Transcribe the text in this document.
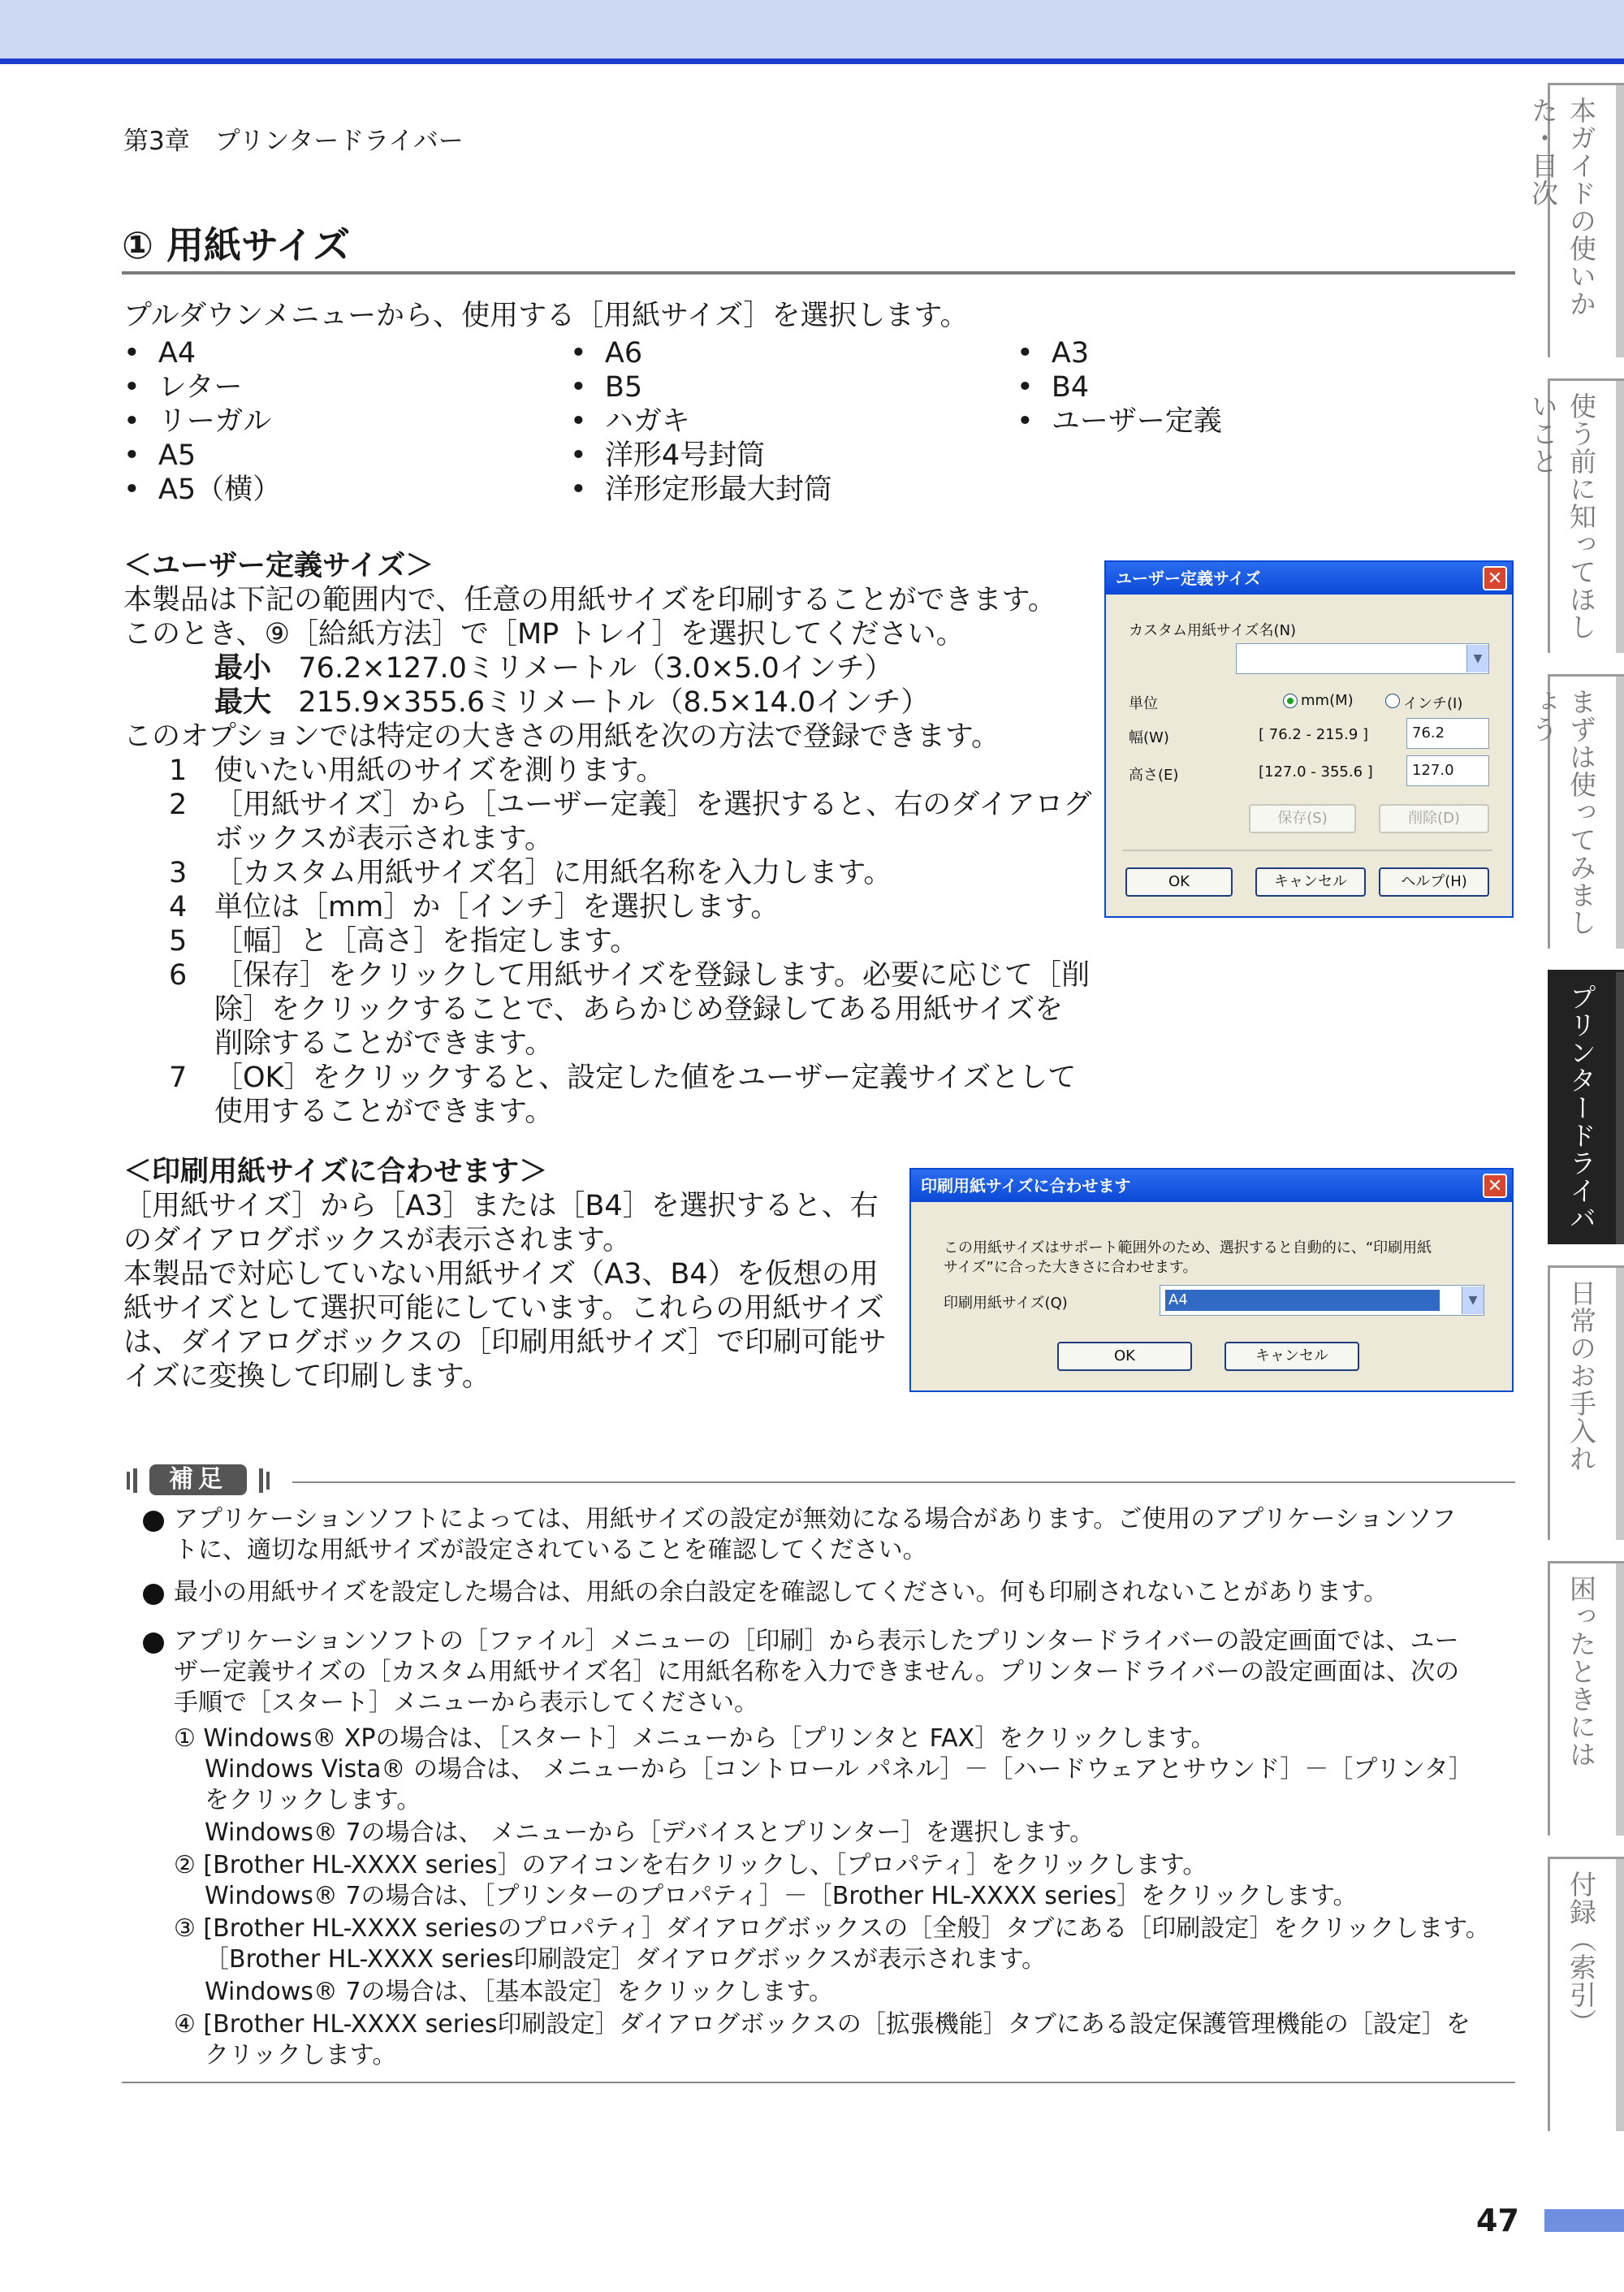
第3章　プリンタードライバー
① 用紙サイズ
プルダウンメニューから、使用する［用紙サイズ］を選択します。
•  A4
•  レター
•  リーガル
•  A5
•  A5（横）
•  A6
•  B5
•  ハガキ
•  洋形4号封筒
•  洋形定形最大封筒
•  A3
•  B4
•  ユーザー定義
＜ユーザー定義サイズ＞
本製品は下記の範囲内で、任意の用紙サイズを印刷することができます。
このとき、⑨［給紙方法］で［MP トレイ］を選択してください。
最小 76.2×127.0ミリメートル（3.0×5.0インチ）
最大 215.9×355.6ミリメートル（8.5×14.0インチ）
このオプションでは特定の大きさの用紙を次の方法で登録できます。
1 使いたい用紙のサイズを測ります。
2 ［用紙サイズ］から［ユーザー定義］を選択すると、右のダイアログ
ボックスが表示されます。
3 ［カスタム用紙サイズ名］に用紙名称を入力します。
4 単位は［mm］か［インチ］を選択します。
5 ［幅］と［高さ］を指定します。
6 ［保存］をクリックして用紙サイズを登録します。必要に応じて［削
除］をクリックすることで、あらかじめ登録してある用紙サイズを
削除することができます。
7 ［OK］をクリックすると、設定した値をユーザー定義サイズとして
使用することができます。
ユーザー定義サイズ	✕
カスタム用紙サイズ名(N)
▼
単位	mm(M)	インチ(I)
幅(W)	[ 76.2 - 215.9 ]	76.2
高さ(E)	[127.0 - 355.6 ]	127.0
保存(S)	削除(D)
OK	キャンセル	ヘルプ(H)
＜印刷用紙サイズに合わせます＞
［用紙サイズ］から［A3］または［B4］を選択すると、右
のダイアログボックスが表示されます。
本製品で対応していない用紙サイズ（A3、B4）を仮想の用
紙サイズとして選択可能にしています。これらの用紙サイズ
は、ダイアログボックスの［印刷用紙サイズ］で印刷可能サ
イズに変換して印刷します。
印刷用紙サイズに合わせます	✕
この用紙サイズはサポート範囲外のため、選択すると自動的に、“印刷用紙
サイズ”に合った大きさに合わせます。
印刷用紙サイズ(Q)	A4	▼
OK	キャンセル
補足
アプリケーションソフトによっては、用紙サイズの設定が無効になる場合があります。ご使用のアプリケーションソフ
トに、適切な用紙サイズが設定されていることを確認してください。
最小の用紙サイズを設定した場合は、用紙の余白設定を確認してください。何も印刷されないことがあります。
アプリケーションソフトの［ファイル］メニューの［印刷］から表示したプリンタードライバーの設定画面では、ユー
ザー定義サイズの［カスタム用紙サイズ名］に用紙名称を入力できません。プリンタードライバーの設定画面は、次の
手順で［スタート］メニューから表示してください。
① Windows® XPの場合は、［スタート］メニューから［プリンタと FAX］をクリックします。
Windows Vista® の場合は、 メニューから［コントロール パネル］－［ハードウェアとサウンド］－［プリンタ］
をクリックします。
Windows® 7の場合は、 メニューから［デバイスとプリンター］を選択します。
② [Brother HL-XXXX series］のアイコンを右クリックし、［プロパティ］をクリックします。
Windows® 7の場合は、［プリンターのプロパティ］－［Brother HL-XXXX series］をクリックします。
③ [Brother HL-XXXX seriesのプロパティ］ダイアログボックスの［全般］タブにある［印刷設定］をクリックします。
［Brother HL-XXXX series印刷設定］ダイアログボックスが表示されます。
Windows® 7の場合は、［基本設定］をクリックします。
④ [Brother HL-XXXX series印刷設定］ダイアログボックスの［拡張機能］タブにある設定保護管理機能の［設定］を
クリックします。
本ガイドの使いかた・目次
使う前に知ってほしいこと
まずは使ってみましょう
プリンタードライバー
日常のお手入れ
困ったときには
付録（索引）
47
